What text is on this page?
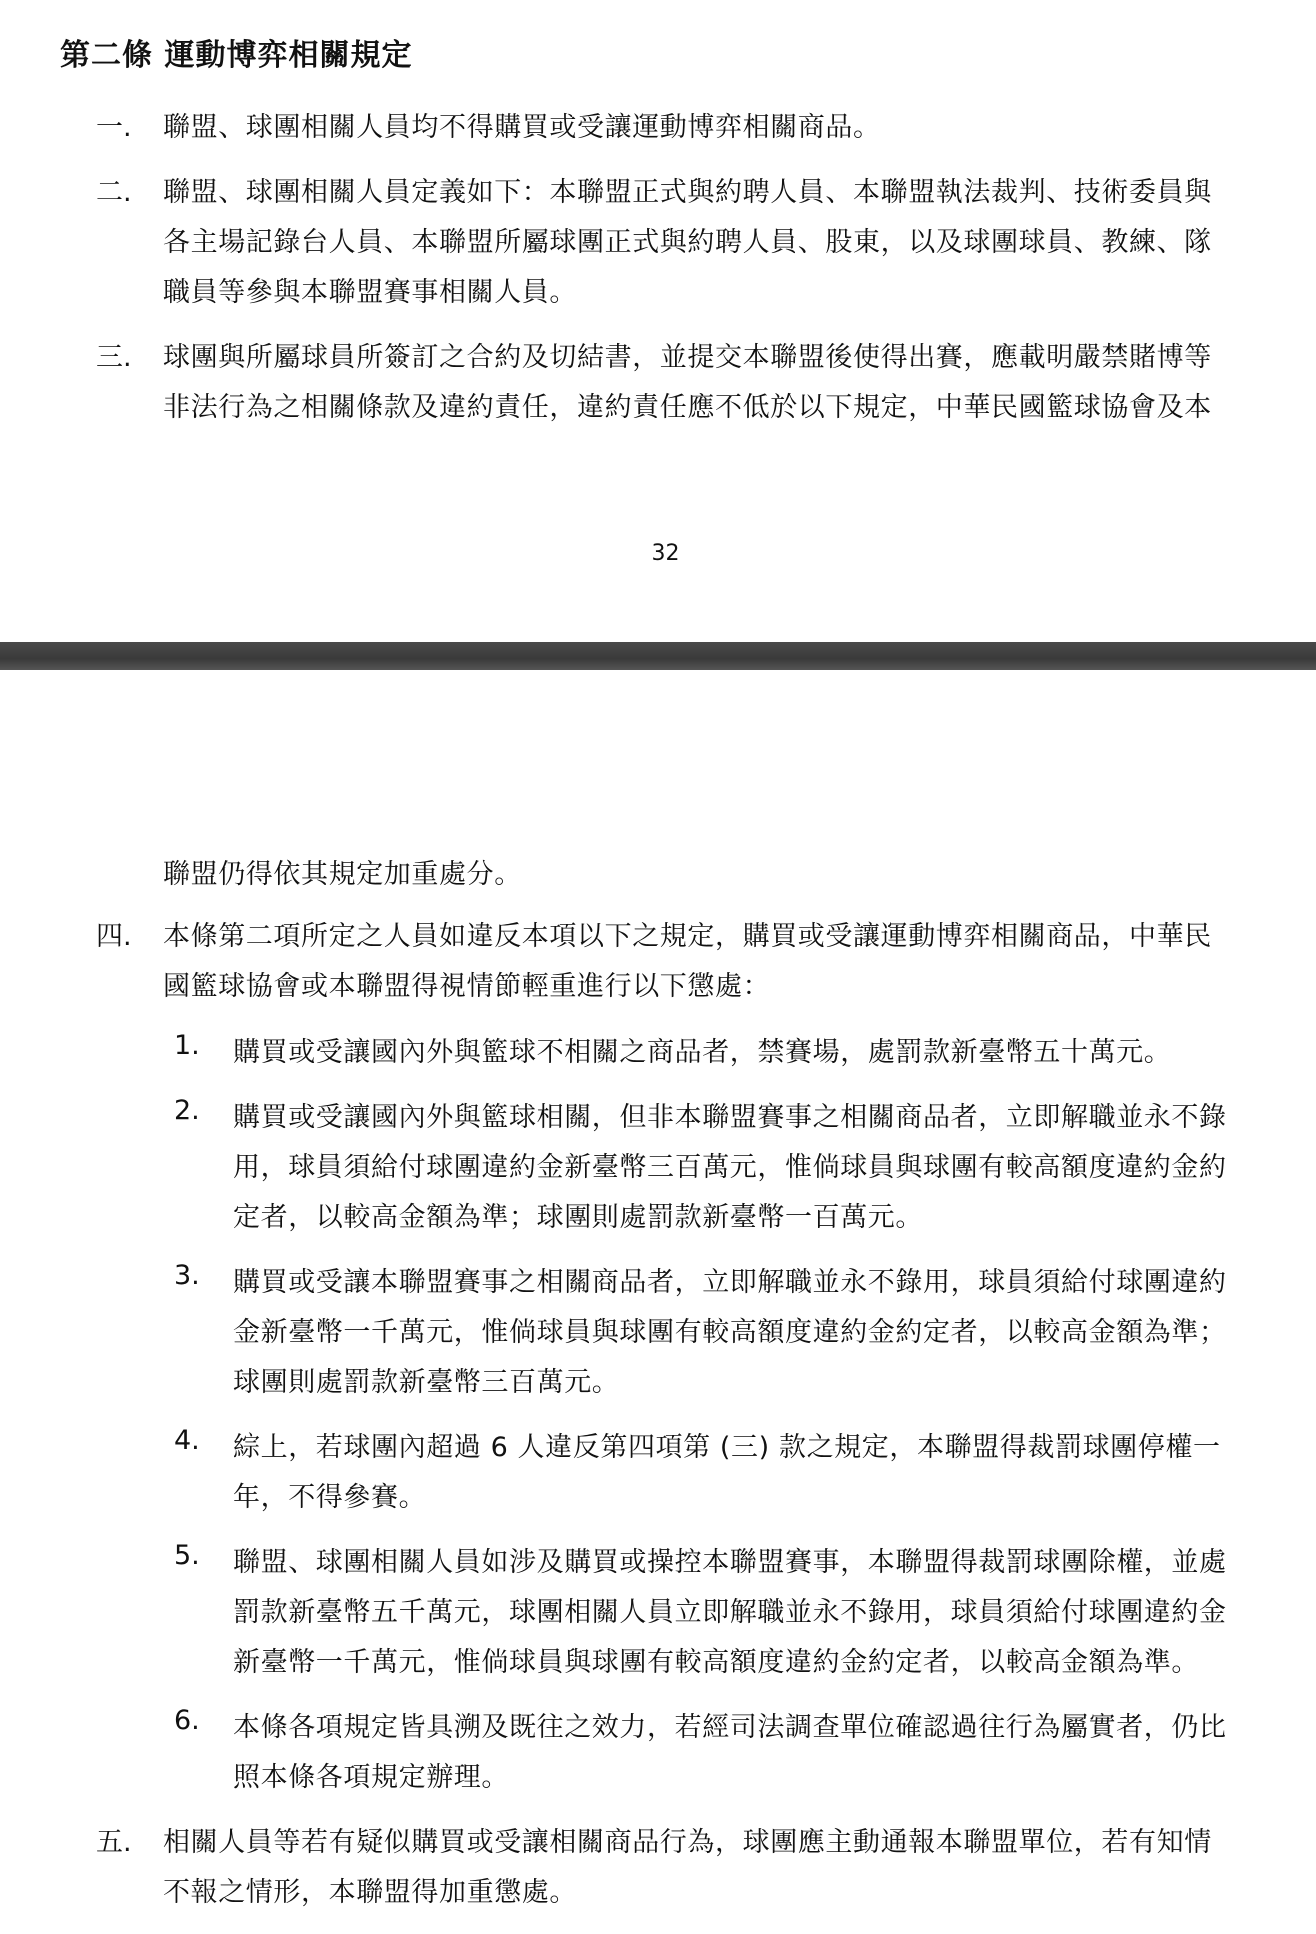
第二條 運動博弈相關規定
一. 聯盟、球團相關人員均不得購買或受讓運動博弈相關商品。
二. 聯盟、球團相關人員定義如下：本聯盟正式與約聘人員、本聯盟執法裁判、技術委員與
各主場記錄台人員、本聯盟所屬球團正式與約聘人員、股東，以及球團球員、教練、隊
職員等參與本聯盟賽事相關人員。
三. 球團與所屬球員所簽訂之合約及切結書，並提交本聯盟後使得出賽，應載明嚴禁賭博等
非法行為之相關條款及違約責任，違約責任應不低於以下規定，中華民國籃球協會及本
32
聯盟仍得依其規定加重處分。
四. 本條第二項所定之人員如違反本項以下之規定，購買或受讓運動博弈相關商品，中華民
國籃球協會或本聯盟得視情節輕重進行以下懲處：
1. 購買或受讓國內外與籃球不相關之商品者，禁賽場，處罰款新臺幣五十萬元。
2. 購買或受讓國內外與籃球相關，但非本聯盟賽事之相關商品者，立即解職並永不錄
用，球員須給付球團違約金新臺幣三百萬元，惟倘球員與球團有較高額度違約金約
定者，以較高金額為準；球團則處罰款新臺幣一百萬元。
3. 購買或受讓本聯盟賽事之相關商品者，立即解職並永不錄用，球員須給付球團違約
金新臺幣一千萬元，惟倘球員與球團有較高額度違約金約定者，以較高金額為準；
球團則處罰款新臺幣三百萬元。
4. 綜上，若球團內超過 6 人違反第四項第 (三) 款之規定，本聯盟得裁罰球團停權一
年，不得參賽。
5. 聯盟、球團相關人員如涉及購買或操控本聯盟賽事，本聯盟得裁罰球團除權，並處
罰款新臺幣五千萬元，球團相關人員立即解職並永不錄用，球員須給付球團違約金
新臺幣一千萬元，惟倘球員與球團有較高額度違約金約定者，以較高金額為準。
6. 本條各項規定皆具溯及既往之效力，若經司法調查單位確認過往行為屬實者，仍比
照本條各項規定辦理。
五. 相關人員等若有疑似購買或受讓相關商品行為，球團應主動通報本聯盟單位，若有知情
不報之情形，本聯盟得加重懲處。
